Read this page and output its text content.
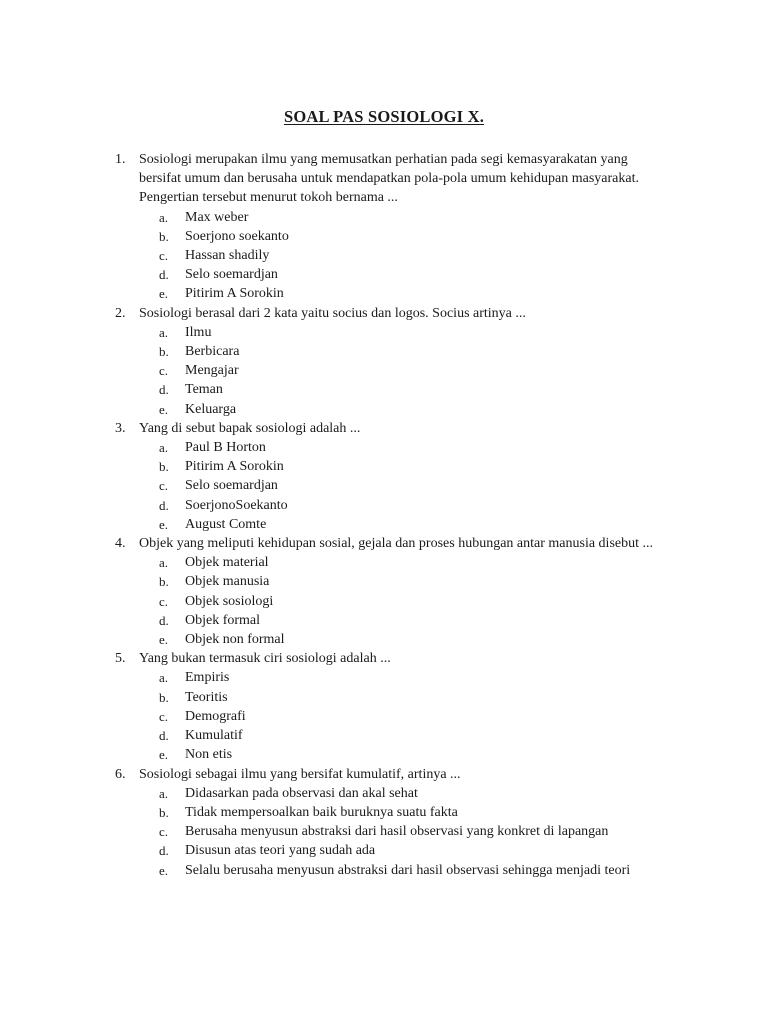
SOAL PAS SOSIOLOGI X.
1. Sosiologi merupakan ilmu yang memusatkan perhatian pada segi kemasyarakatan yang bersifat umum dan berusaha untuk mendapatkan pola-pola umum kehidupan masyarakat. Pengertian tersebut menurut tokoh bernama ...
a. Max weber
b. Soerjono soekanto
c. Hassan shadily
d. Selo soemardjan
e. Pitirim A Sorokin
2. Sosiologi berasal dari 2 kata yaitu socius dan logos. Socius artinya ...
a. Ilmu
b. Berbicara
c. Mengajar
d. Teman
e. Keluarga
3. Yang di sebut bapak sosiologi adalah ...
a. Paul B Horton
b. Pitirim A Sorokin
c. Selo soemardjan
d. SoerjonoSoekanto
e. August Comte
4. Objek yang meliputi kehidupan sosial, gejala dan proses hubungan antar manusia disebut ...
a. Objek material
b. Objek manusia
c. Objek sosiologi
d. Objek formal
e. Objek non formal
5. Yang bukan termasuk ciri sosiologi adalah ...
a. Empiris
b. Teoritis
c. Demografi
d. Kumulatif
e. Non etis
6. Sosiologi sebagai ilmu yang bersifat kumulatif, artinya ...
a. Didasarkan pada observasi dan akal sehat
b. Tidak mempersoalkan baik buruknya suatu fakta
c. Berusaha menyusun abstraksi dari hasil observasi yang konkret di lapangan
d. Disusun atas teori yang sudah ada
e. Selalu berusaha menyusun abstraksi dari hasil observasi sehingga menjadi teori
